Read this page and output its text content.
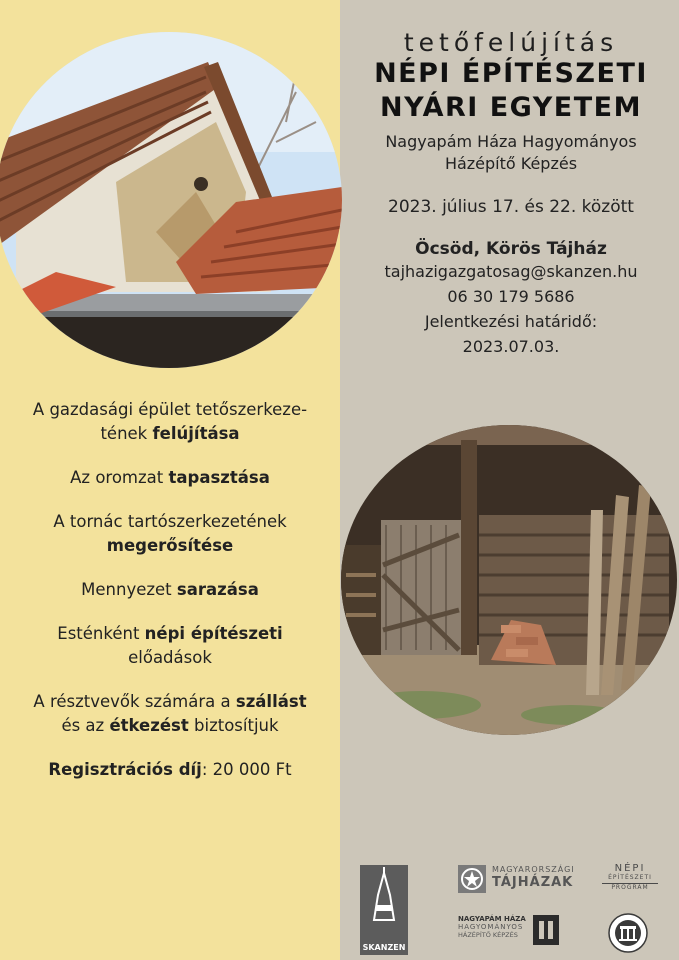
tetőfelújítás
NÉPI ÉPÍTÉSZETI
NYÁRI EGYETEM
Nagyapám Háza Hagyományos
Házépítő Képzés
2023. július 17. és 22. között
Öcsöd, Körös Tájház
tajhazigazgatosag@skanzen.hu
06 30 179 5686
Jelentkezési határidő:
2023.07.03.
A gazdasági épület tetőszerkeze-
tének felújítása
Az oromzat tapasztása
A tornác tartószerkezetének
megerősítése
Mennyezet sarazása
Esténként népi építészeti
előadások
A résztvevők számára a szállást
és az étkezést biztosítjuk
Regisztrációs díj: 20 000 Ft
SKANZEN
MAGYARORSZÁGI
TÁJHÁZAK
NÉPI
ÉPÍTÉSZETI
PROGRAM
NAGYAPÁM HÁZA
HAGYOMÁNYOS
HÁZÉPÍTŐ KÉPZÉS
